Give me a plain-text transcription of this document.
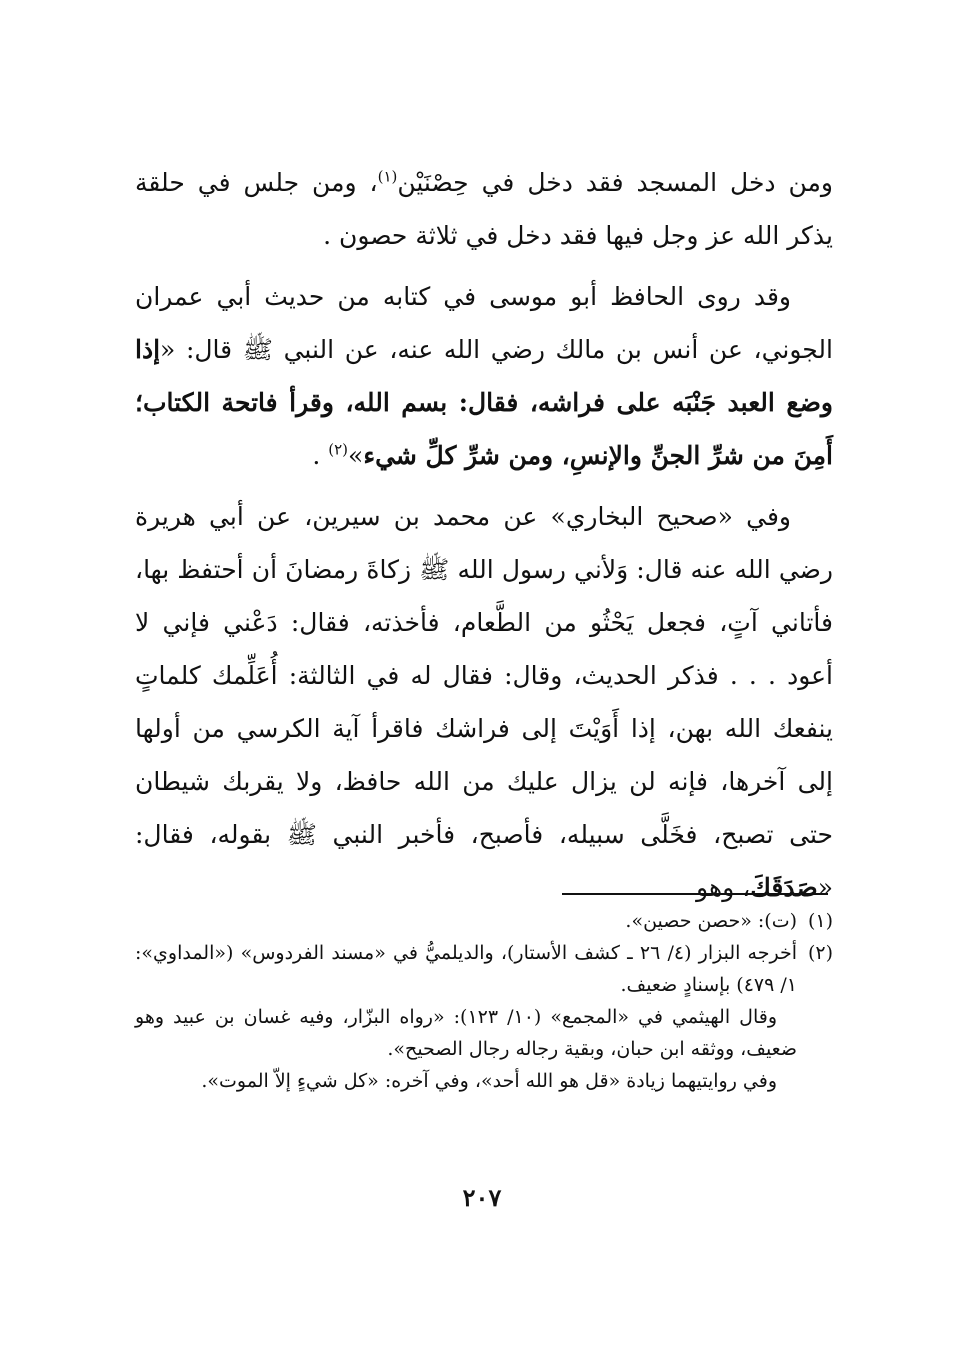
ومن دخل المسجد فقد دخل في حِصْنَيْن$^{(١)}$، ومن جلس في حلقة يذكر الله عز وجل فيها فقد دخل في ثلاثة حصون .

وقد روى الحافظ أبو موسى في كتابه من حديث أبي عمران الجوني، عن أنس بن مالك رضي الله عنه، عن النبي ﷺ قال: «إذا وضع العبد جَنْبَه على فراشه، فقال: بسم الله، وقرأ فاتحة الكتاب؛ أَمِنَ من شرِّ الجنِّ والإنسِ، ومن شرِّ كلِّ شيء»$^{(٢)}$ .

وفي «صحيح البخاري» عن محمد بن سيرين، عن أبي هريرة رضي الله عنه قال: وَلأني رسول الله ﷺ زكاةَ رمضانَ أن أحتفظ بها، فأتاني آتٍ، فجعل يَحْثُو من الطَّعام، فأخذته، فقال: دَعْني فإني لا أعود . . . فذكر الحديث، وقال: فقال له في الثالثة: أُعَلِّمك كلماتٍ ينفعك الله بهن، إذا أَوَيْتَ إلى فراشك فاقرأ آية الكرسي من أولها إلى آخرها، فإنه لن يزال عليك من الله حافظ، ولا يقربك شيطان حتى تصبح، فخَلَّى سبيله، فأصبح، فأخبر النبي ﷺ بقوله، فقال: «صَدَقَكَ، وهو

(١)
(ت): «حصن حصين».
(٢)
أخرجه البزار (٤/ ٢٦ ـ كشف الأستار)، والديلميُّ في «مسند الفردوس» («المداوي»: ١/ ٤٧٩) بإسنادٍ ضعيف.

وقال الهيثمي في «المجمع» (١٠/ ١٢٣): «رواه البزّار، وفيه غسان بن عبيد وهو ضعيف، ووثقه ابن حبان، وبقية رجاله رجال الصحيح».

وفي روايتيهما زيادة «قل هو الله أحد»، وفي آخره: «كل شيءٍ إلاّ الموت».

٢٠٧
